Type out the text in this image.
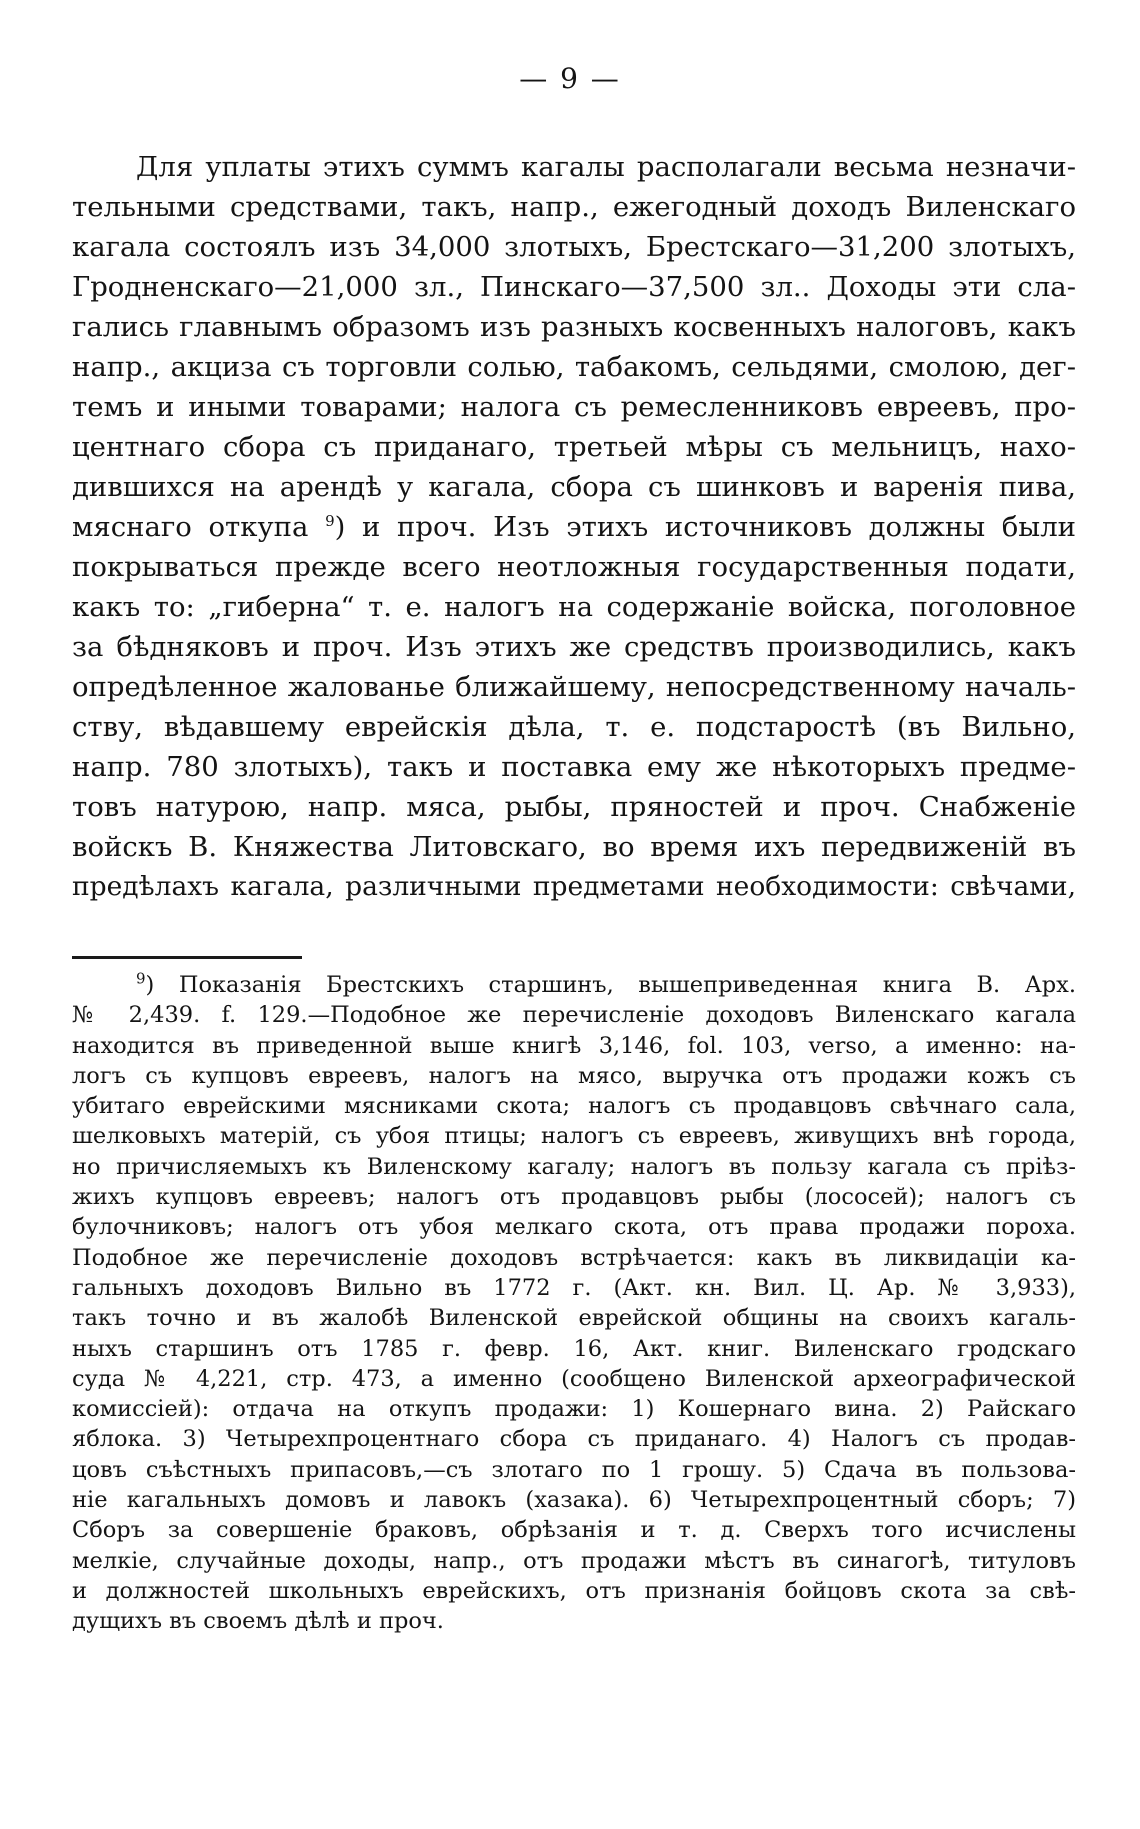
— 9 —
Для уплаты этихъ суммъ кагалы располагали весьма незначи-
тельными средствами, такъ, напр., ежегодный доходъ Виленскаго
кагала состоялъ изъ 34,000 злотыхъ, Брестскаго—31,200 злотыхъ,
Гродненскаго—21,000 зл., Пинскаго—37,500 зл.. Доходы эти сла-
гались главнымъ образомъ изъ разныхъ косвенныхъ налоговъ, какъ
напр., акциза съ торговли солью, табакомъ, сельдями, смолою, дег-
темъ и иными товарами; налога съ ремесленниковъ евреевъ, про-
центнаго сбора съ приданаго, третьей мѣры съ мельницъ, нахо-
дившихся на арендѣ у кагала, сбора съ шинковъ и варенія пива,
мяснаго откупа $^9$) и проч. Изъ этихъ источниковъ должны были
покрываться прежде всего неотложныя государственныя подати,
какъ то: „гиберна“ т. е. налогъ на содержаніе войска, поголовное
за бѣдняковъ и проч. Изъ этихъ же средствъ производились, какъ
опредѣленное жалованье ближайшему, непосредственному началь-
ству, вѣдавшему еврейскія дѣла, т. е. подстаростѣ (въ Вильно,
напр. 780 злотыхъ), такъ и поставка ему же нѣкоторыхъ предме-
товъ натурою, напр. мяса, рыбы, пряностей и проч. Снабженіе
войскъ В. Княжества Литовскаго, во время ихъ передвиженій въ
предѣлахъ кагала, различными предметами необходимости: свѣчами,
$^9$) Показанія Брестскихъ старшинъ, вышеприведенная книга В. Арх.
№ 2,439. f. 129.—Подобное же перечисленіе доходовъ Виленскаго кагала
находится въ приведенной выше книгѣ 3,146, fol. 103, verso, а именно: на-
логъ съ купцовъ евреевъ, налогъ на мясо, выручка отъ продажи кожъ съ
убитаго еврейскими мясниками скота; налогъ съ продавцовъ свѣчнаго сала,
шелковыхъ матерій, съ убоя птицы; налогъ съ евреевъ, живущихъ внѣ города,
но причисляемыхъ къ Виленскому кагалу; налогъ въ пользу кагала съ пріѣз-
жихъ купцовъ евреевъ; налогъ отъ продавцовъ рыбы (лососей); налогъ съ
булочниковъ; налогъ отъ убоя мелкаго скота, отъ права продажи пороха.
Подобное же перечисленіе доходовъ встрѣчается: какъ въ ликвидаціи ка-
гальныхъ доходовъ Вильно въ 1772 г. (Акт. кн. Вил. Ц. Ар. № 3,933),
такъ точно и въ жалобѣ Виленской еврейской общины на своихъ кагаль-
ныхъ старшинъ отъ 1785 г. февр. 16, Акт. книг. Виленскаго гродскаго
суда № 4,221, стр. 473, а именно (сообщено Виленской археографической
комиссіей): отдача на откупъ продажи: 1) Кошернаго вина. 2) Райскаго
яблока. 3) Четырехпроцентнаго сбора съ приданаго. 4) Налогъ съ продав-
цовъ съѣстныхъ припасовъ,—съ злотаго по 1 грошу. 5) Сдача въ пользова-
ніе кагальныхъ домовъ и лавокъ (хазака). 6) Четырехпроцентный сборъ; 7)
Сборъ за совершеніе браковъ, обрѣзанія и т. д. Сверхъ того исчислены
мелкіе, случайные доходы, напр., отъ продажи мѣстъ въ синагогѣ, титуловъ
и должностей школьныхъ еврейскихъ, отъ признанія бойцовъ скота за свѣ-
дущихъ въ своемъ дѣлѣ и проч.
